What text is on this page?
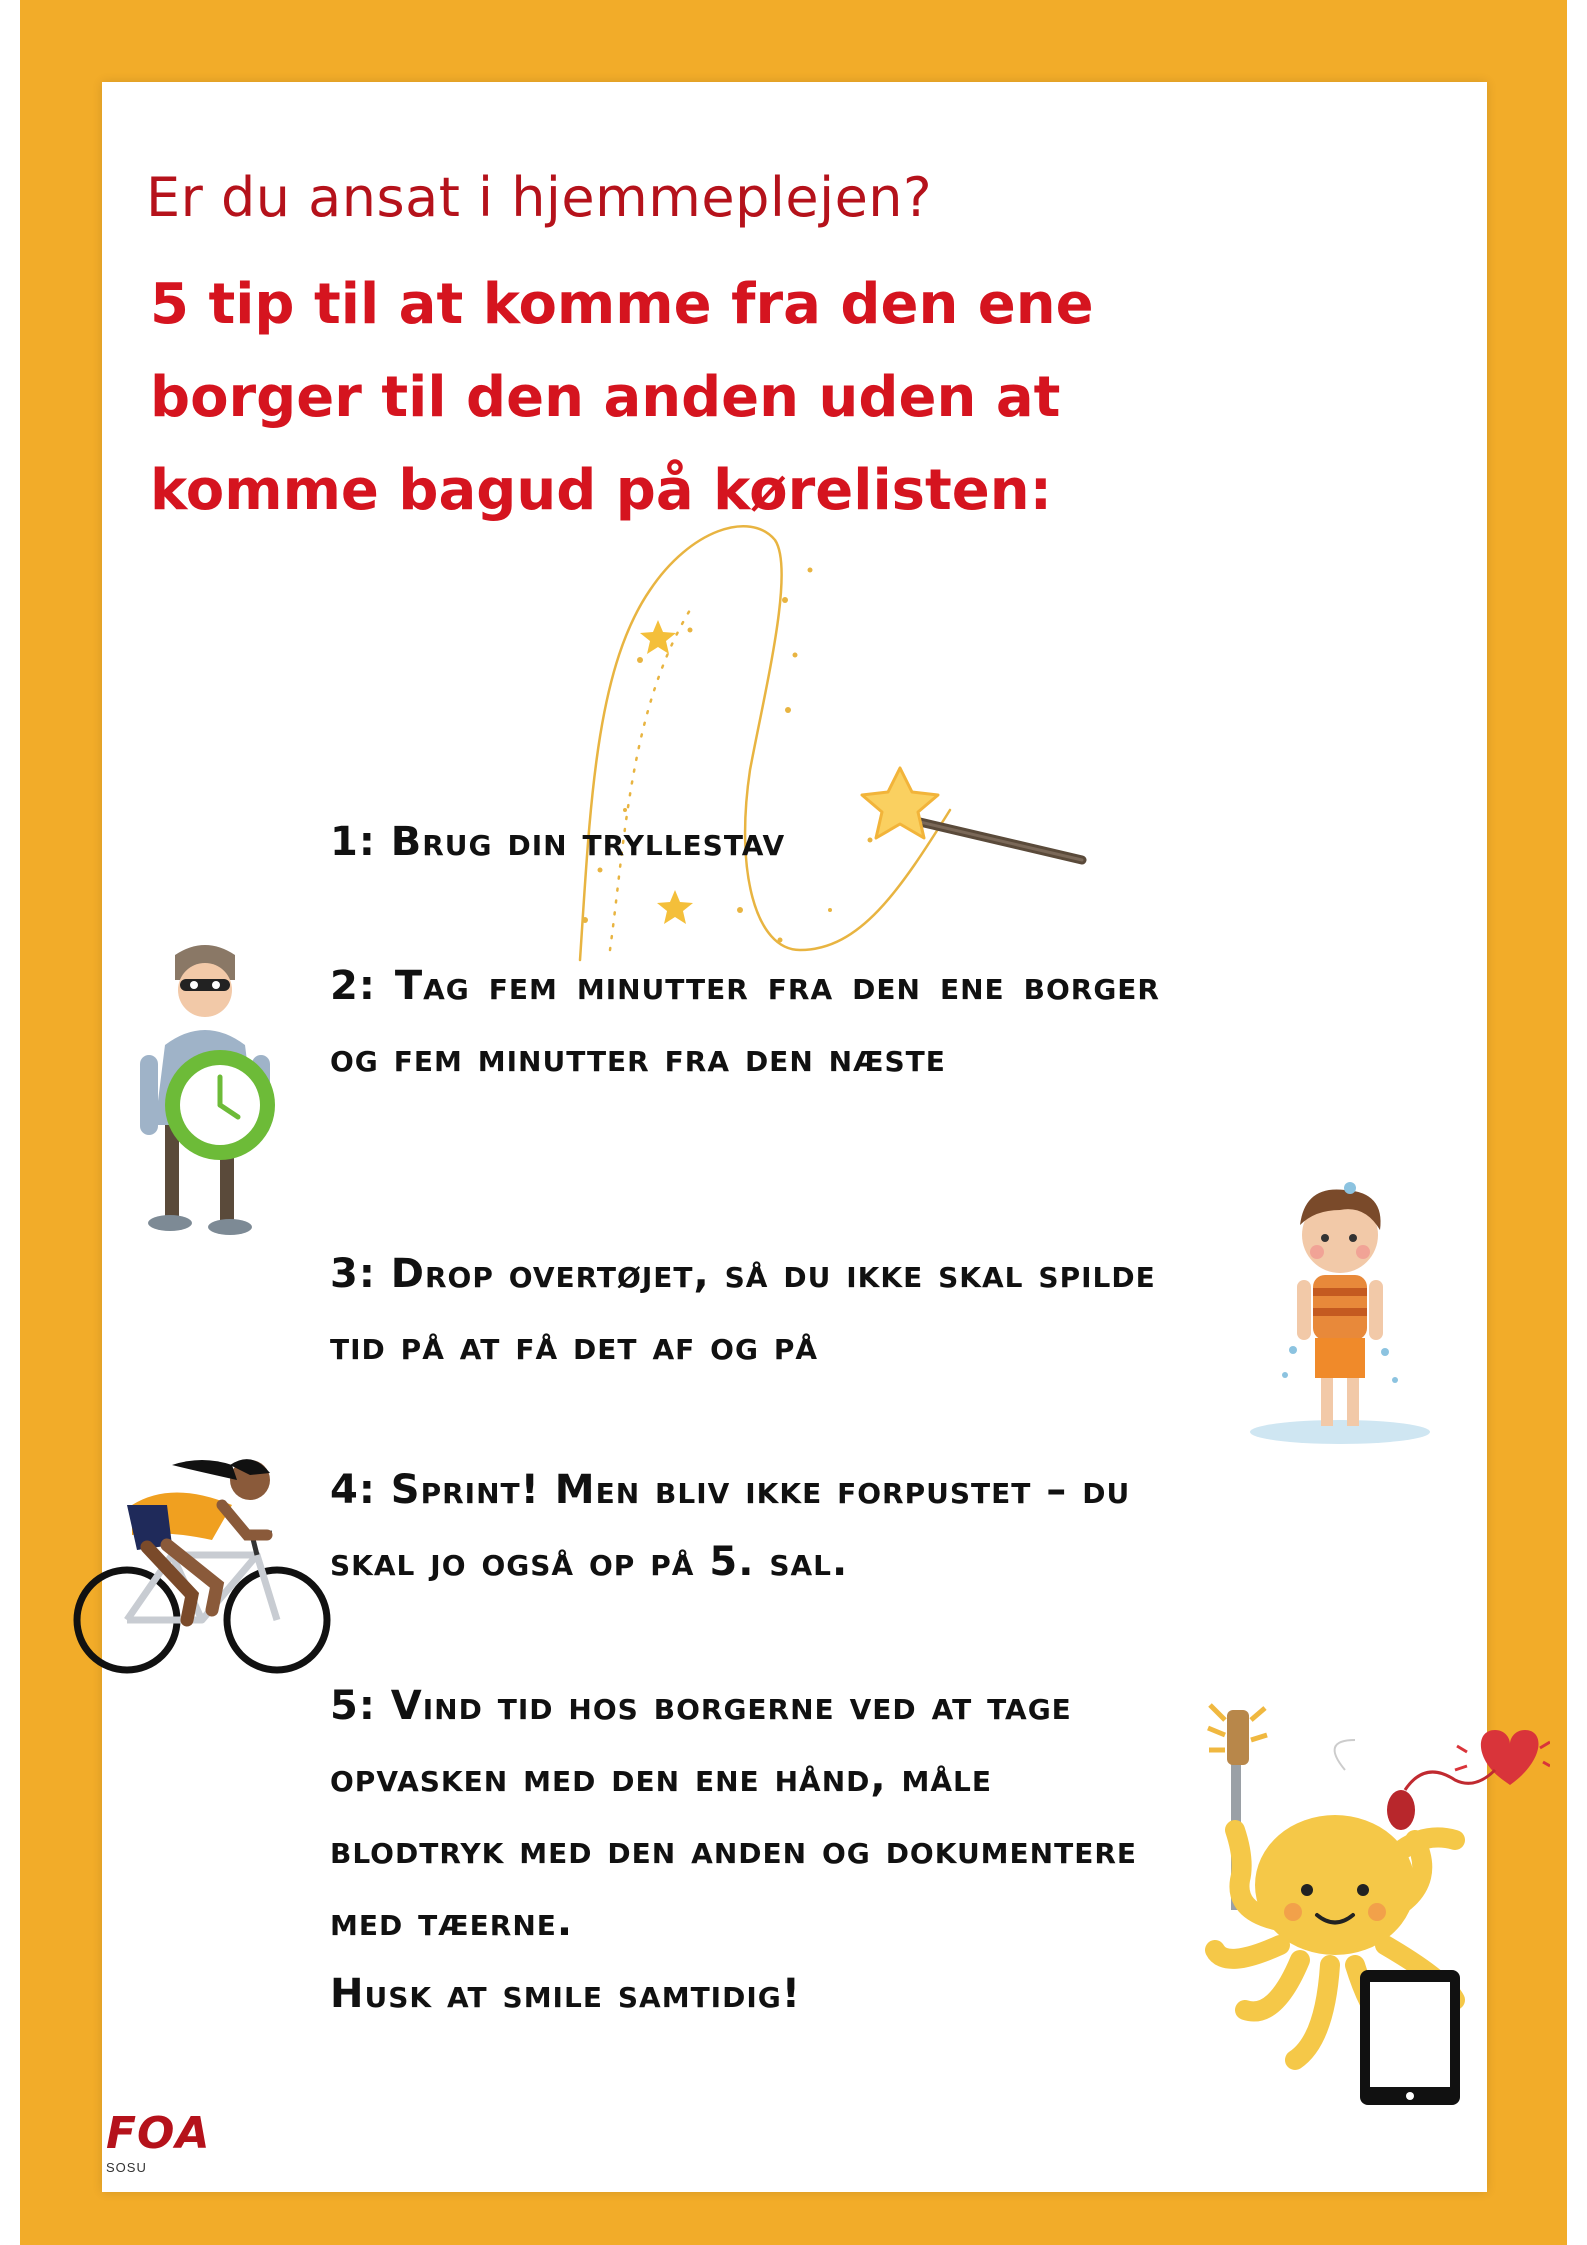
Er du ansat i hjemmeplejen?
5 tip til at komme fra den ene borger til den anden uden at komme bagud på kørelisten:

1: Brug din tryllestav

2: Tag fem minutter fra den ene borger og fem minutter fra den næste

3: Drop overtøjet, så du ikke skal spilde tid på at få det af og på

4: Sprint! Men bliv ikke forpustet – du skal jo også op på 5. sal.

5: Vind tid hos borgerne ved at tage opvasken med den ene hånd, måle blodtryk med den anden og dokumentere med tæerne.

Husk at smile samtidig!

FOA
SOSU
